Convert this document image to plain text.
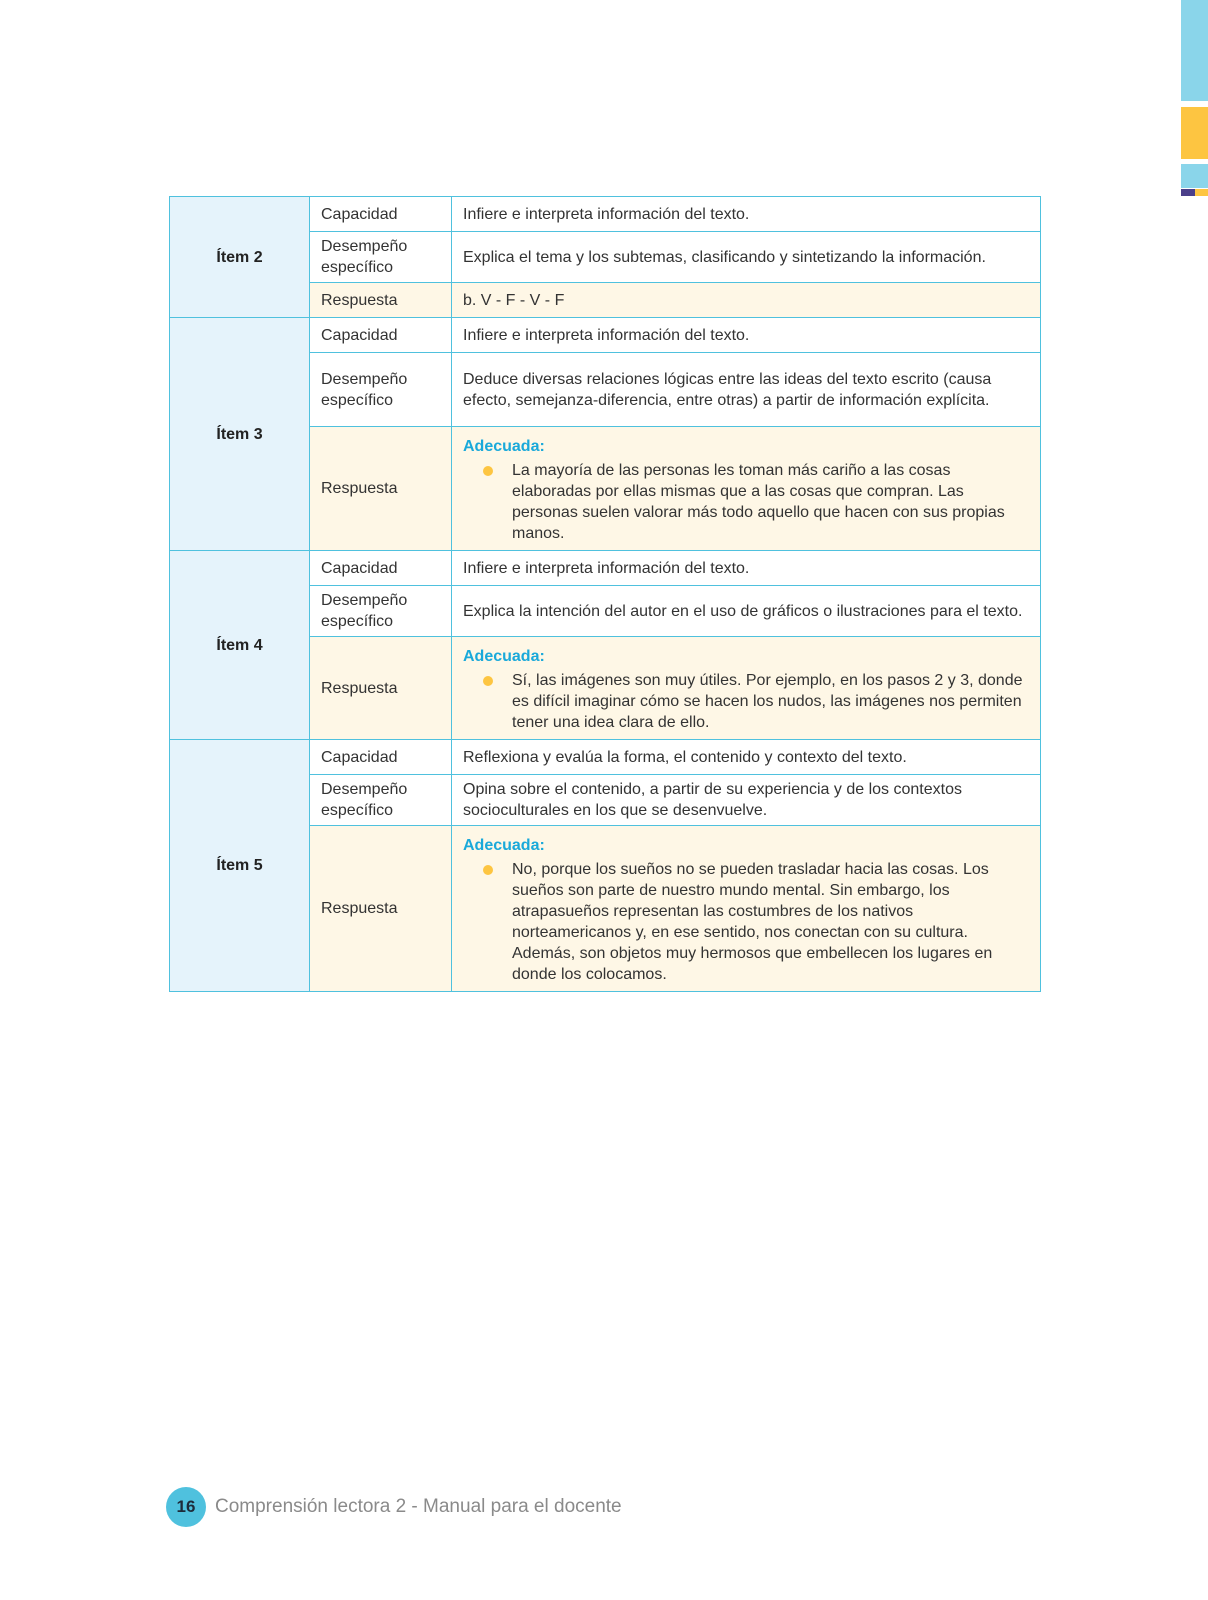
Ítem 2	Capacidad	Infiere e interpreta información del texto.
	Desempeño específico	Explica el tema y los subtemas, clasificando y sintetizando la información.
	Respuesta	b. V - F - V - F
Ítem 3	Capacidad	Infiere e interpreta información del texto.
	Desempeño específico	Deduce diversas relaciones lógicas entre las ideas del texto escrito (causa efecto, semejanza-diferencia, entre otras) a partir de información explícita.
	Respuesta	Adecuada:
La mayoría de las personas les toman más cariño a las cosas elaboradas por ellas mismas que a las cosas que compran. Las personas suelen valorar más todo aquello que hacen con sus propias manos.

Ítem 4	Capacidad	Infiere e interpreta información del texto.
	Desempeño específico	Explica la intención del autor en el uso de gráficos o ilustraciones para el texto.
	Respuesta	Adecuada:
Sí, las imágenes son muy útiles. Por ejemplo, en los pasos 2 y 3, donde es difícil imaginar cómo se hacen los nudos, las imágenes nos permiten tener una idea clara de ello.

Ítem 5	Capacidad	Reflexiona y evalúa la forma, el contenido y contexto del texto.
	Desempeño específico	Opina sobre el contenido, a partir de su experiencia y de los contextos socioculturales en los que se desenvuelve.
	Respuesta	Adecuada:
No, porque los sueños no se pueden trasladar hacia las cosas. Los sueños son parte de nuestro mundo mental. Sin embargo, los atrapasueños representan las costumbres de los nativos norteamericanos y, en ese sentido, nos conectan con su cultura. Además, son objetos muy hermosos que embellecen los lugares en donde los colocamos.
16	Comprensión lectora 2 - Manual para el docente
